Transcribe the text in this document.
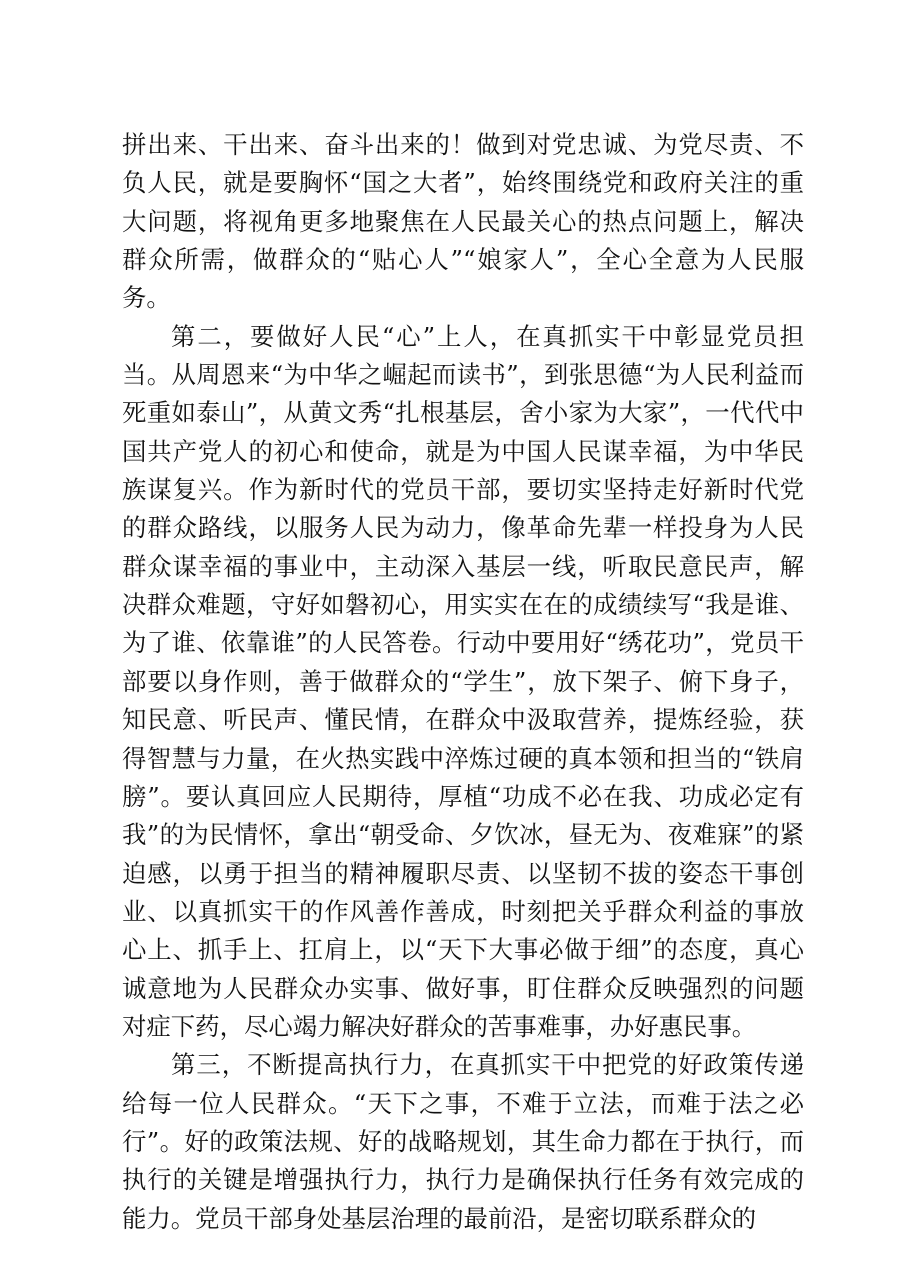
拼出来、干出来、奋斗出来的！做到对党忠诚、为党尽责、不负人民，就是要胸怀“国之大者”，始终围绕党和政府关注的重大问题，将视角更多地聚焦在人民最关心的热点问题上，解决群众所需，做群众的“贴心人”“娘家人”，全心全意为人民服务。

第二，要做好人民“心”上人，在真抓实干中彰显党员担当。从周恩来“为中华之崛起而读书”，到张思德“为人民利益而死重如泰山”，从黄文秀“扎根基层，舍小家为大家”，一代代中国共产党人的初心和使命，就是为中国人民谋幸福，为中华民族谋复兴。作为新时代的党员干部，要切实坚持走好新时代党的群众路线，以服务人民为动力，像革命先辈一样投身为人民群众谋幸福的事业中，主动深入基层一线，听取民意民声，解决群众难题，守好如磐初心，用实实在在的成绩续写“我是谁、为了谁、依靠谁”的人民答卷。行动中要用好“绣花功”，党员干部要以身作则，善于做群众的“学生”，放下架子、俯下身子，知民意、听民声、懂民情，在群众中汲取营养，提炼经验，获得智慧与力量，在火热实践中淬炼过硬的真本领和担当的“铁肩膀”。要认真回应人民期待，厚植“功成不必在我、功成必定有我”的为民情怀，拿出“朝受命、夕饮冰，昼无为、夜难寐”的紧迫感，以勇于担当的精神履职尽责、以坚韧不拔的姿态干事创业、以真抓实干的作风善作善成，时刻把关乎群众利益的事放心上、抓手上、扛肩上，以“天下大事必做于细”的态度，真心诚意地为人民群众办实事、做好事，盯住群众反映强烈的问题对症下药，尽心竭力解决好群众的苦事难事，办好惠民事。

第三，不断提高执行力，在真抓实干中把党的好政策传递给每一位人民群众。“天下之事，不难于立法，而难于法之必行”。好的政策法规、好的战略规划，其生命力都在于执行，而执行的关键是增强执行力，执行力是确保执行任务有效完成的能力。党员干部身处基层治理的最前沿，是密切联系群众的
